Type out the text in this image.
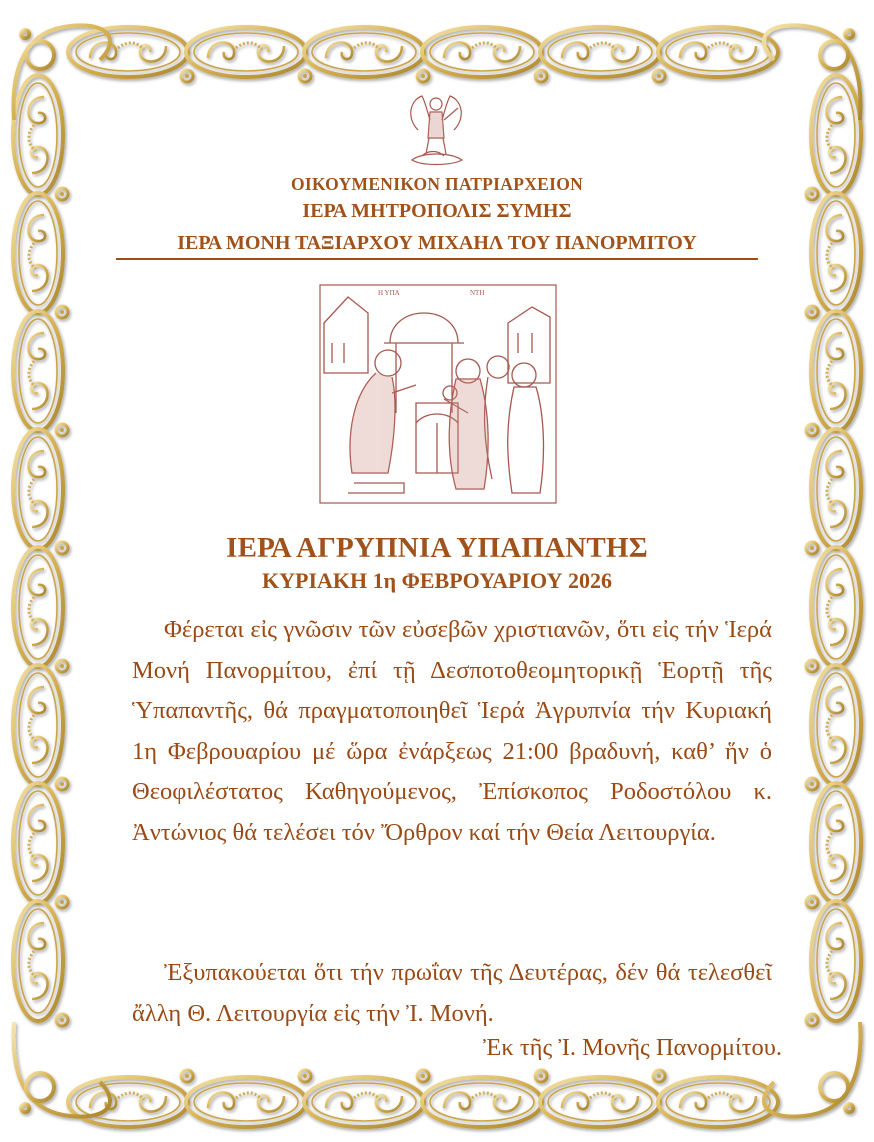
ΟΙΚΟΥΜΕΝΙΚΟΝ ΠΑΤΡΙΑΡΧΕΙΟΝ
ΙΕΡΑ ΜΗΤΡΟΠΟΛΙΣ ΣΥΜΗΣ
ΙΕΡΑ ΜΟΝΗ ΤΑΞΙΑΡΧΟΥ ΜΙΧΑΗΛ ΤΟΥ ΠΑΝΟΡΜΙΤΟΥ
Η ΥΠΑ	ΝΤΗ
ΙΕΡΑ ΑΓΡΥΠΝΙΑ ΥΠΑΠΑΝΤΗΣ
ΚΥΡΙΑΚΗ 1η ΦΕΒΡΟΥΑΡΙΟΥ 2026
Φέρεται εἰς γνῶσιν τῶν εὐσεβῶν χριστιανῶν, ὅτι εἰς τήν Ἱερά Μονή Πανορμίτου, ἐπί τῇ Δεσποτοθεομητορικῇ Ἑορτῇ τῆς Ὑπαπαντῆς, θά πραγματοποιηθεῖ Ἱερά Ἀγρυπνία τήν Κυριακή 1η Φεβρουαρίου μέ ὥρα ἐνάρξεως 21:00 βραδυνή, καθ’ ἥν ὁ Θεοφιλέστατος Καθηγούμενος, Ἐπίσκοπος Ροδοστόλου κ. Ἀντώνιος θά τελέσει τόν Ὄρθρον καί τήν Θεία Λειτουργία.
Ἐξυπακούεται ὅτι τήν πρωΐαν τῆς Δευτέρας, δέν θά τελεσθεῖ ἄλλη Θ. Λειτουργία εἰς τήν Ἰ. Μονή.
Ἐκ τῆς Ἰ. Μονῆς Πανορμίτου.
